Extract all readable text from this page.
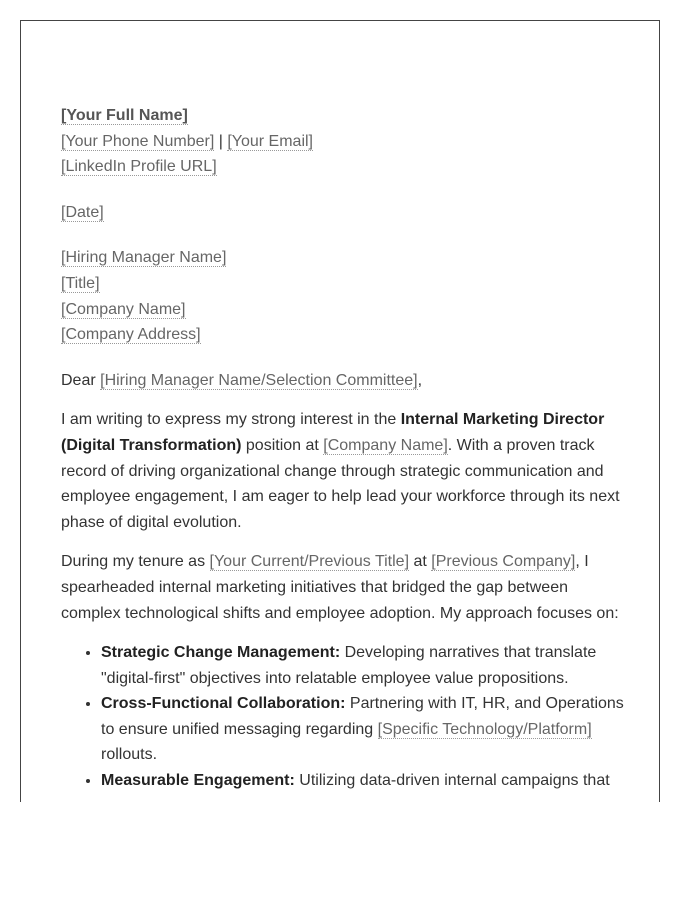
[Your Full Name]
[Your Phone Number] | [Your Email]
[LinkedIn Profile URL]
[Date]
[Hiring Manager Name]
[Title]
[Company Name]
[Company Address]

Dear [Hiring Manager Name/Selection Committee],

I am writing to express my strong interest in the Internal Marketing Director (Digital Transformation) position at [Company Name]. With a proven track record of driving organizational change through strategic communication and employee engagement, I am eager to help lead your workforce through its next phase of digital evolution.

During my tenure as [Your Current/Previous Title] at [Previous Company], I spearheaded internal marketing initiatives that bridged the gap between complex technological shifts and employee adoption. My approach focuses on:

• Strategic Change Management: Developing narratives that translate "digital-first" objectives into relatable employee value propositions.
• Cross-Functional Collaboration: Partnering with IT, HR, and Operations to ensure unified messaging regarding [Specific Technology/Platform] rollouts.
• Measurable Engagement: Utilizing data-driven internal campaigns that
